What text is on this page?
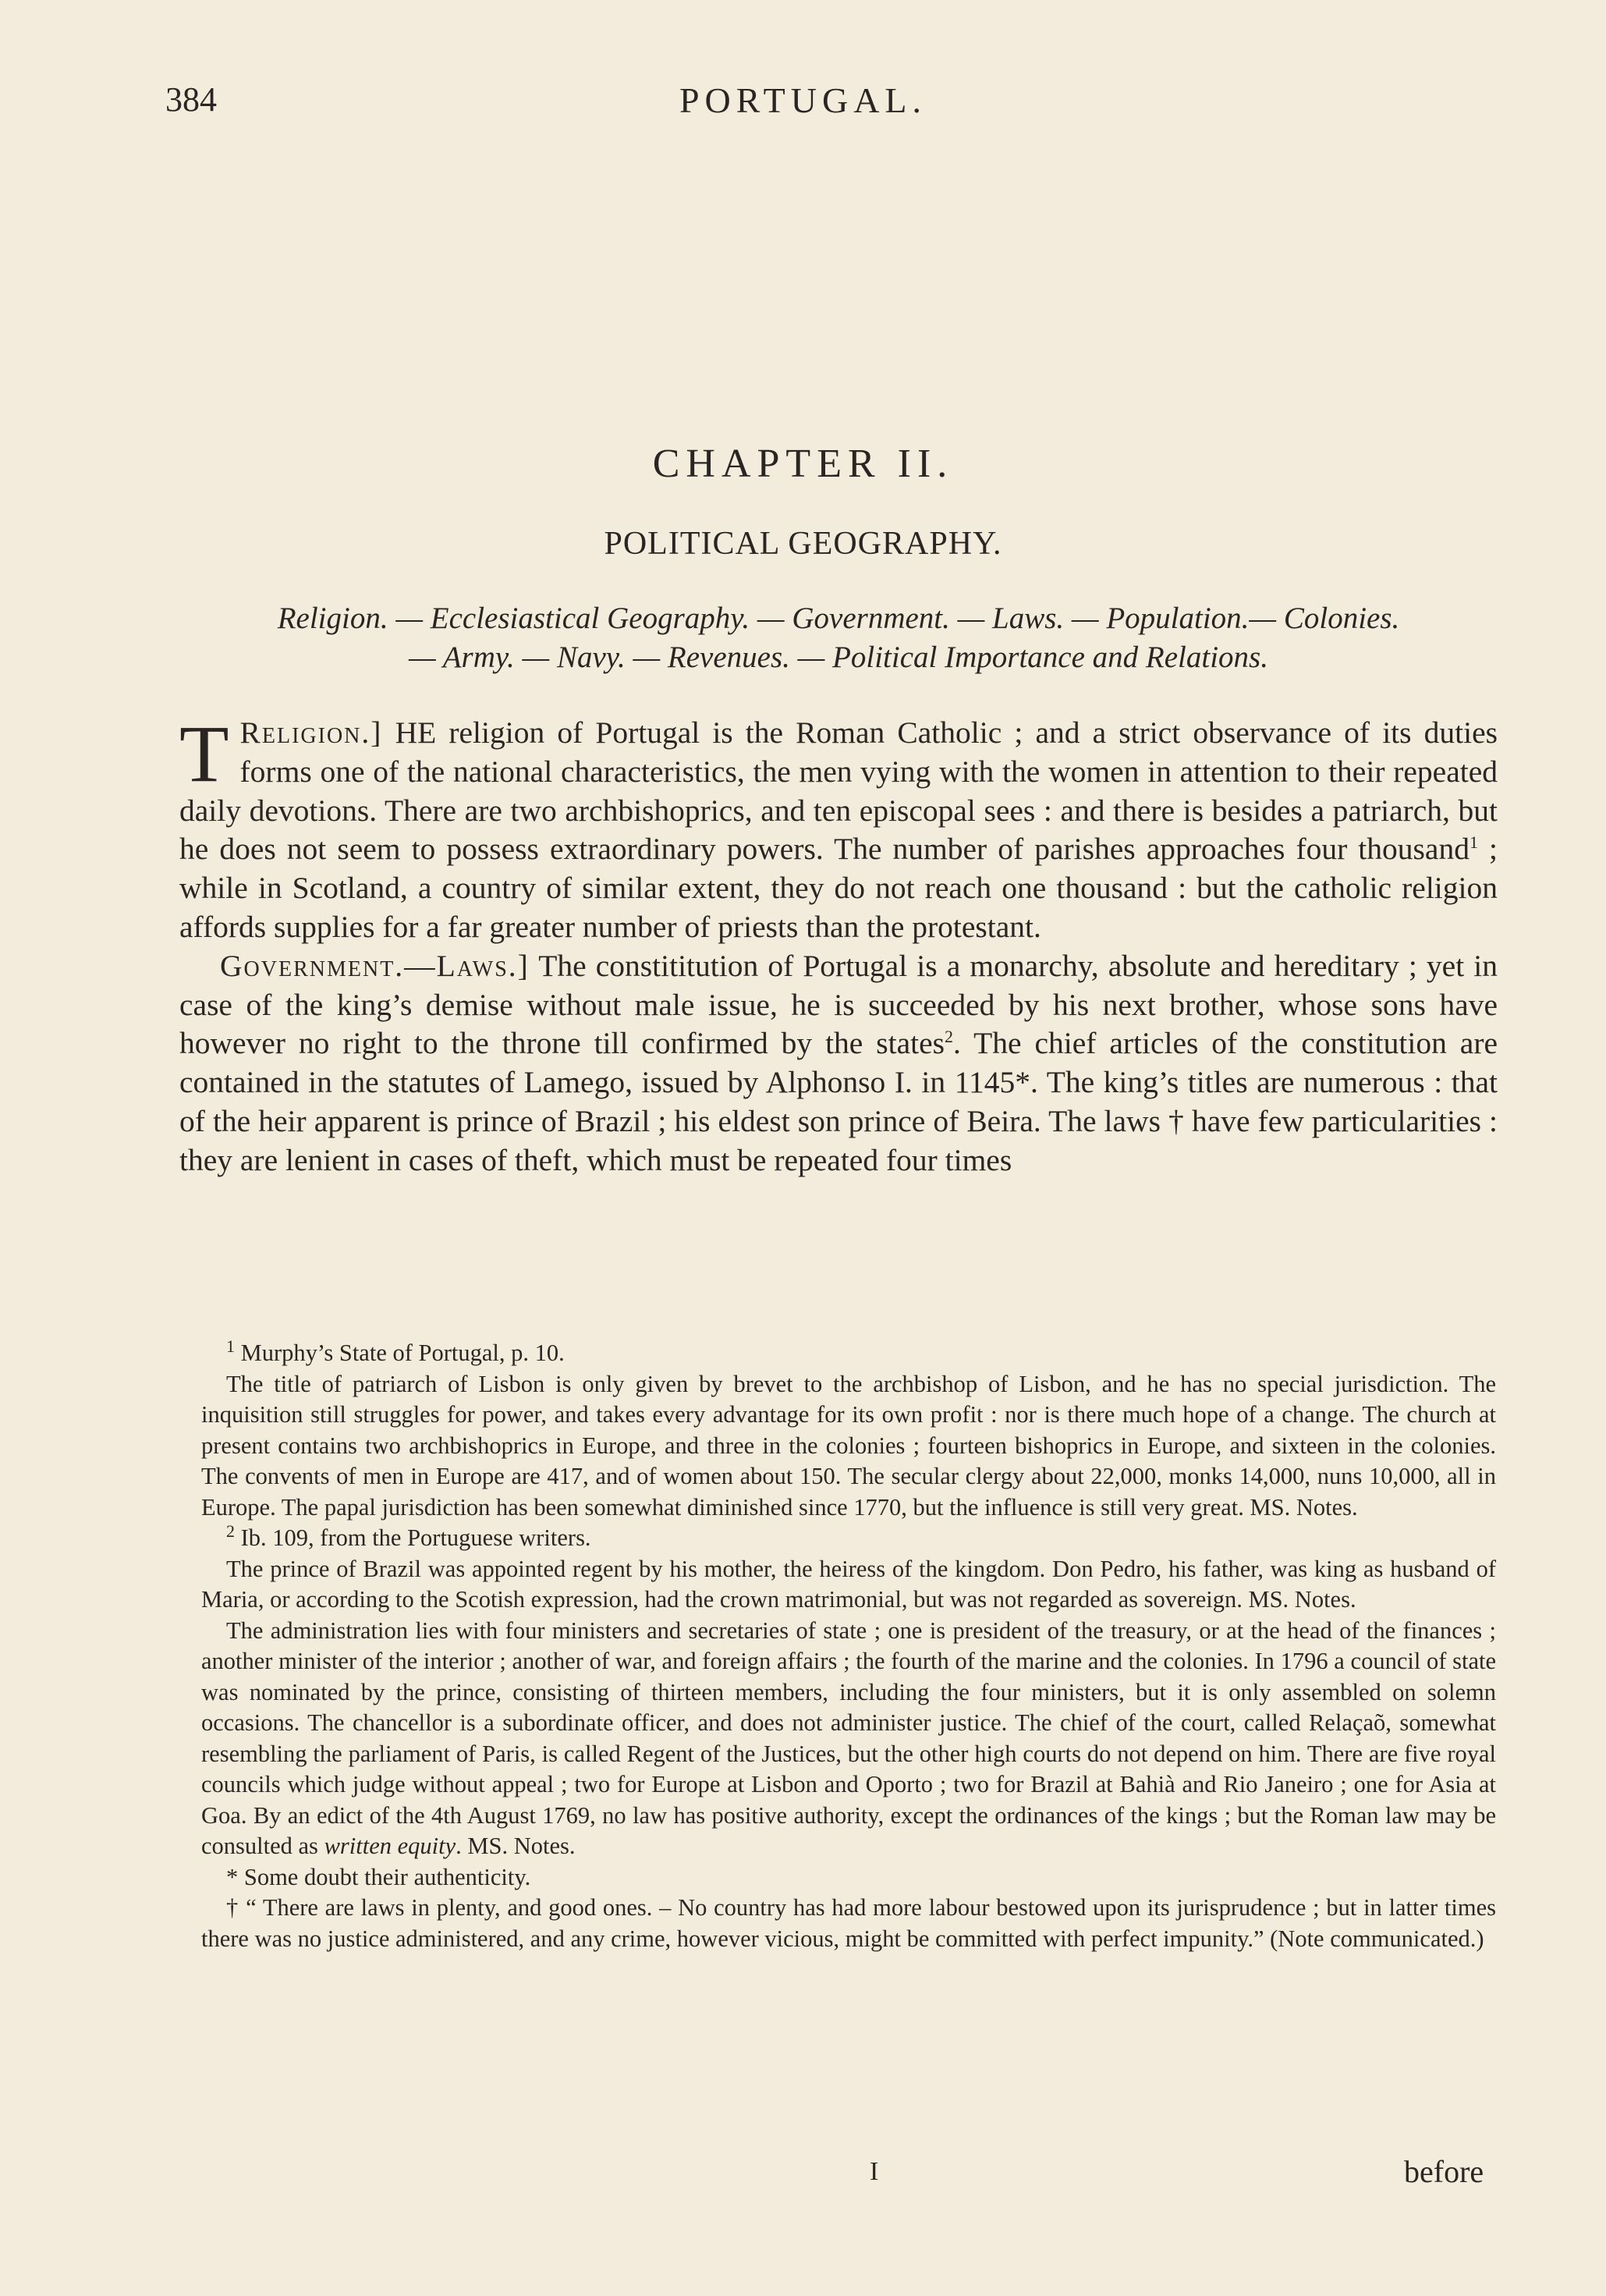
384	PORTUGAL.
CHAPTER II.
POLITICAL GEOGRAPHY.
Religion. — Ecclesiastical Geography. — Government. — Laws. — Population.— Colonies.
— Army. — Navy. — Revenues. — Political Importance and Relations.

Religion.]
T	HE religion of Portugal is the Roman Catholic ; and a strict observance of its duties forms one of the national characteristics, the men vying with the women in attention to their repeated daily devotions. There are two archbishoprics, and ten episcopal sees : and there is besides a patriarch, but he does not seem to possess extraordinary powers. The number of parishes approaches four thousand$^1$ ; while in Scotland, a country of similar extent, they do not reach one thousand : but the catholic religion affords supplies for a far greater number of priests than the protestant.

Government.—Laws.] The constititution of Portugal is a monarchy, absolute and hereditary ; yet in case of the king’s demise without male issue, he is succeeded by his next brother, whose sons have however no right to the throne till confirmed by the states$^2$. The chief articles of the constitution are contained in the statutes of Lamego, issued by Alphonso I. in 1145*. The king’s titles are numerous : that of the heir apparent is prince of Brazil ; his eldest son prince of Beira. The laws † have few particularities : they are lenient in cases of theft, which must be repeated four times

$^1$ Murphy’s State of Portugal, p. 10.

The title of patriarch of Lisbon is only given by brevet to the archbishop of Lisbon, and he has no special jurisdiction. The inquisition still struggles for power, and takes every advantage for its own profit : nor is there much hope of a change. The church at present contains two archbishoprics in Europe, and three in the colonies ; fourteen bishoprics in Europe, and sixteen in the colonies. The convents of men in Europe are 417, and of women about 150. The secular clergy about 22,000, monks 14,000, nuns 10,000, all in Europe. The papal jurisdiction has been somewhat diminished since 1770, but the influence is still very great. MS. Notes.

$^2$ Ib. 109, from the Portuguese writers.

The prince of Brazil was appointed regent by his mother, the heiress of the kingdom. Don Pedro, his father, was king as husband of Maria, or according to the Scotish expression, had the crown matrimonial, but was not regarded as sovereign. MS. Notes.

The administration lies with four ministers and secretaries of state ; one is president of the treasury, or at the head of the finances ; another minister of the interior ; another of war, and foreign affairs ; the fourth of the marine and the colonies. In 1796 a council of state was nominated by the prince, consisting of thirteen members, including the four ministers, but it is only assembled on solemn occasions. The chancellor is a subordinate officer, and does not administer justice. The chief of the court, called Relaçaõ, somewhat resembling the parliament of Paris, is called Regent of the Justices, but the other high courts do not depend on him. There are five royal councils which judge without appeal ; two for Europe at Lisbon and Oporto ; two for Brazil at Bahià and Rio Janeiro ; one for Asia at Goa. By an edict of the 4th August 1769, no law has positive authority, except the ordinances of the kings ; but the Roman law may be consulted as written equity. MS. Notes.

* Some doubt their authenticity.

† “ There are laws in plenty, and good ones. – No country has had more labour bestowed upon its jurisprudence ; but in latter times there was no justice administered, and any crime, however vicious, might be committed with perfect impunity.” (Note communicated.)

I	before
